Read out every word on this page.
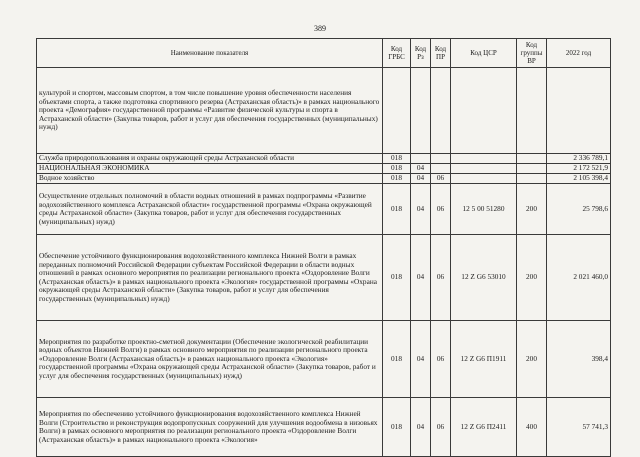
389
Наименование показателя	Код ГРБС	Код Рз	Код ПР	Код ЦСР	Код группы ВР	2022 год
культурой и спортом, массовым спортом, в том числе повышение уровня обеспеченности населения объектами спорта, а также подготовка спортивного резерва (Астраханская область)» в рамках национального проекта «Демография» государственной программы «Развитие физической культуры и спорта в Астраханской области» (Закупка товаров, работ и услуг для обеспечения государственных (муниципальных) нужд)						
Служба природопользования и охраны окружающей среды Астраханской области	018					2 336 789,1
НАЦИОНАЛЬНАЯ ЭКОНОМИКА	018	04				2 172 521,9
Водное хозяйство	018	04	06			2 105 398,4
Осуществление отдельных полномочий в области водных отношений в рамках подпрограммы «Развитие водохозяйственного комплекса Астраханской области» государственной программы «Охрана окружающей среды Астраханской области» (Закупка товаров, работ и услуг для обеспечения государственных (муниципальных) нужд)	018	04	06	12 5 00 51280	200	25 798,6
Обеспечение устойчивого функционирования водохозяйственного комплекса Нижней Волги в рамках переданных полномочий Российской Федерации субъектам Российской Федерации в области водных отношений в рамках основного мероприятия по реализации регионального проекта «Оздоровление Волги (Астраханская область)» в рамках национального проекта «Экология» государственной программы «Охрана окружающей среды Астраханской области» (Закупка товаров, работ и услуг для обеспечения государственных (муниципальных) нужд)	018	04	06	12 Z G6 53010	200	2 021 460,0
Мероприятия по разработке проектно-сметной документации (Обеспечение экологической реабилитации водных объектов Нижней Волги) в рамках основного мероприятия по реализации регионального проекта «Оздоровление Волги (Астраханская область)» в рамках национального проекта «Экология» государственной программы «Охрана окружающей среды Астраханской области» (Закупка товаров, работ и услуг для обеспечения государственных (муниципальных) нужд)	018	04	06	12 Z G6 П1911	200	398,4
Мероприятия по обеспечению устойчивого функционирования водохозяйственного комплекса Нижней Волги (Строительство и реконструкция водопропускных сооружений для улучшения водообмена в низовьях Волги) в рамках основного мероприятия по реализации регионального проекта «Оздоровление Волги (Астраханская область)» в рамках национального проекта «Экология»	018	04	06	12 Z G6 П2411	400	57 741,3
